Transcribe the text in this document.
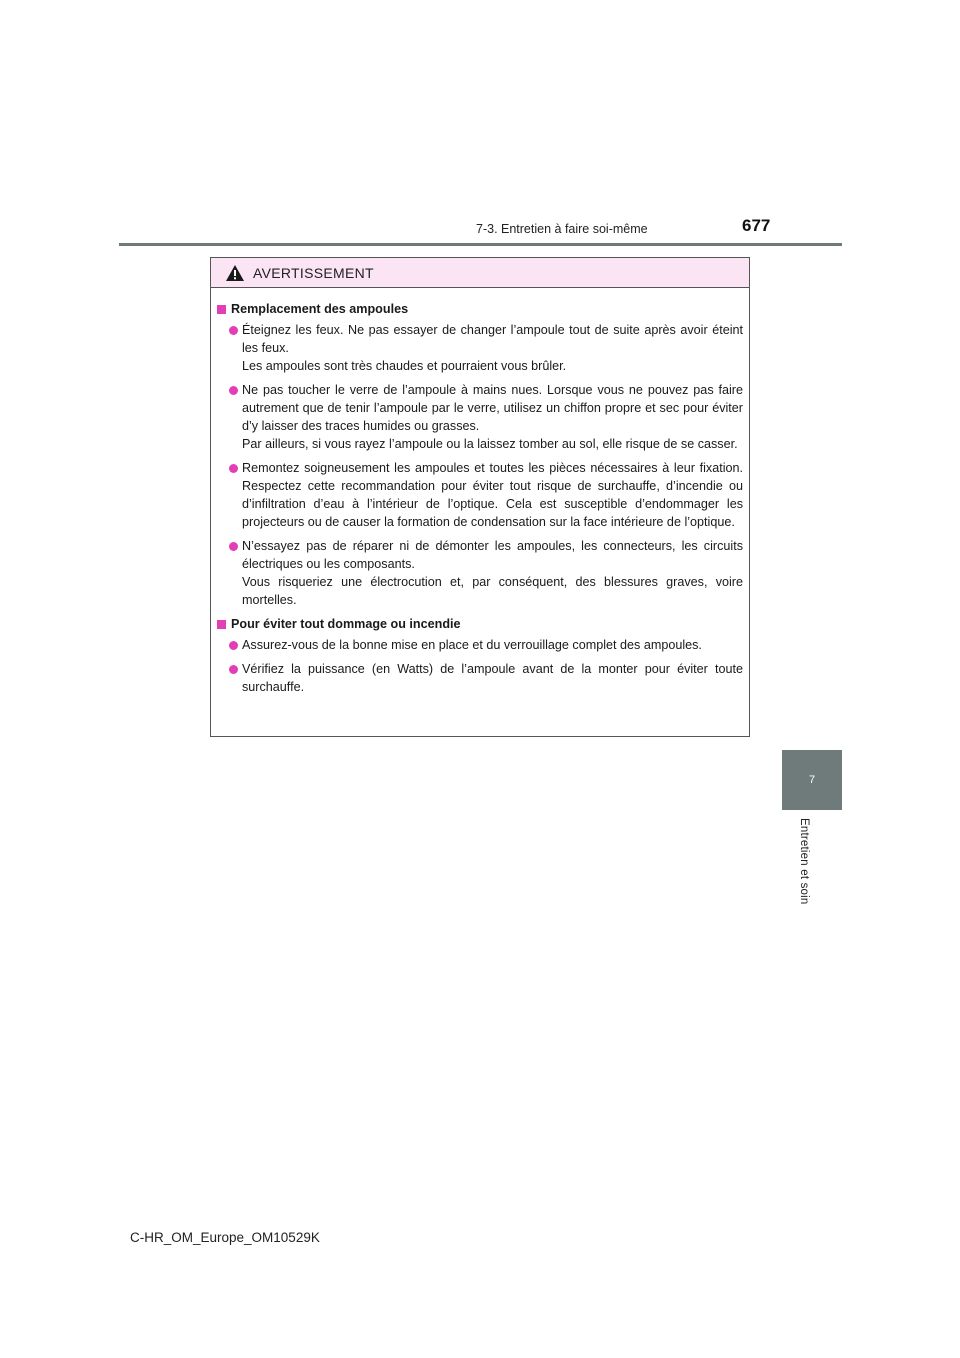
7-3. Entretien à faire soi-même	677
7
Entretien et soin
AVERTISSEMENT
Remplacement des ampoules
Éteignez les feux. Ne pas essayer de changer l’ampoule tout de suite après avoir éteint les feux.
Les ampoules sont très chaudes et pourraient vous brûler.
Ne pas toucher le verre de l’ampoule à mains nues. Lorsque vous ne pouvez pas faire autrement que de tenir l’ampoule par le verre, utilisez un chiffon propre et sec pour éviter d’y laisser des traces humides ou grasses.
Par ailleurs, si vous rayez l’ampoule ou la laissez tomber au sol, elle risque de se casser.
Remontez soigneusement les ampoules et toutes les pièces nécessaires à leur fixation. Respectez cette recommandation pour éviter tout risque de surchauffe, d’incendie ou d’infiltration d’eau à l’intérieur de l’optique. Cela est susceptible d’endommager les projecteurs ou de causer la formation de condensation sur la face intérieure de l’optique.
N’essayez pas de réparer ni de démonter les ampoules, les connecteurs, les circuits électriques ou les composants.
Vous risqueriez une électrocution et, par conséquent, des blessures graves, voire mortelles.
Pour éviter tout dommage ou incendie
Assurez-vous de la bonne mise en place et du verrouillage complet des ampoules.
Vérifiez la puissance (en Watts) de l’ampoule avant de la monter pour éviter toute surchauffe.
C-HR_OM_Europe_OM10529K
